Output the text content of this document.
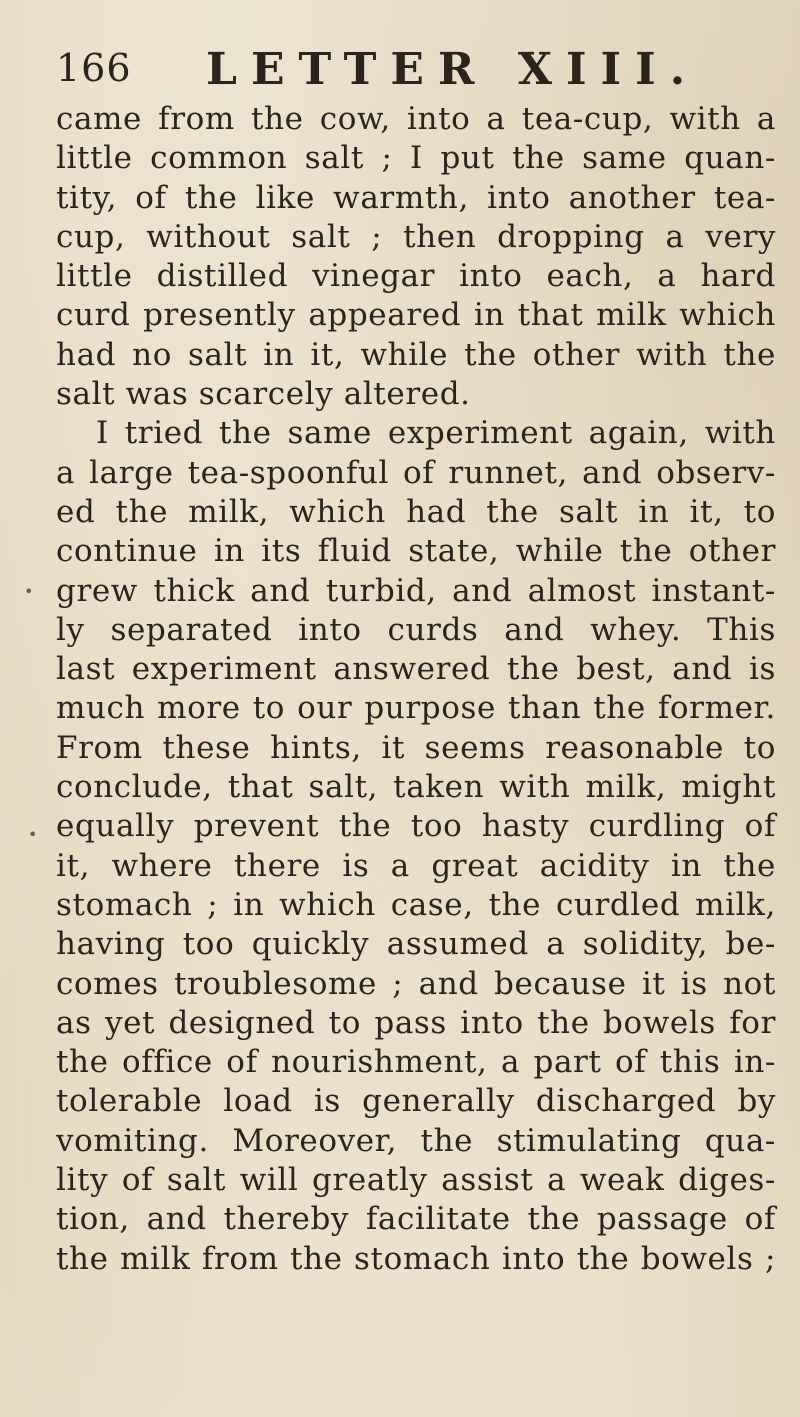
166 LETTER XIII.
•
•
came from the cow, into a tea-cup, with a
little common salt ; I put the same quan-
tity, of the like warmth, into another tea-
cup, without salt ; then dropping a very
little distilled vinegar into each, a hard
curd presently appeared in that milk which
had no salt in it, while the other with the
salt was scarcely altered.
I tried the same experiment again, with
a large tea-spoonful of runnet, and observ-
ed the milk, which had the salt in it, to
continue in its fluid state, while the other
grew thick and turbid, and almost instant-
ly separated into curds and whey. This
last experiment answered the best, and is
much more to our purpose than the former.
From these hints, it seems reasonable to
conclude, that salt, taken with milk, might
equally prevent the too hasty curdling of
it, where there is a great acidity in the
stomach ; in which case, the curdled milk,
having too quickly assumed a solidity, be-
comes troublesome ; and because it is not
as yet designed to pass into the bowels for
the office of nourishment, a part of this in-
tolerable load is generally discharged by
vomiting. Moreover, the stimulating qua-
lity of salt will greatly assist a weak diges-
tion, and thereby facilitate the passage of
the milk from the stomach into the bowels ;
